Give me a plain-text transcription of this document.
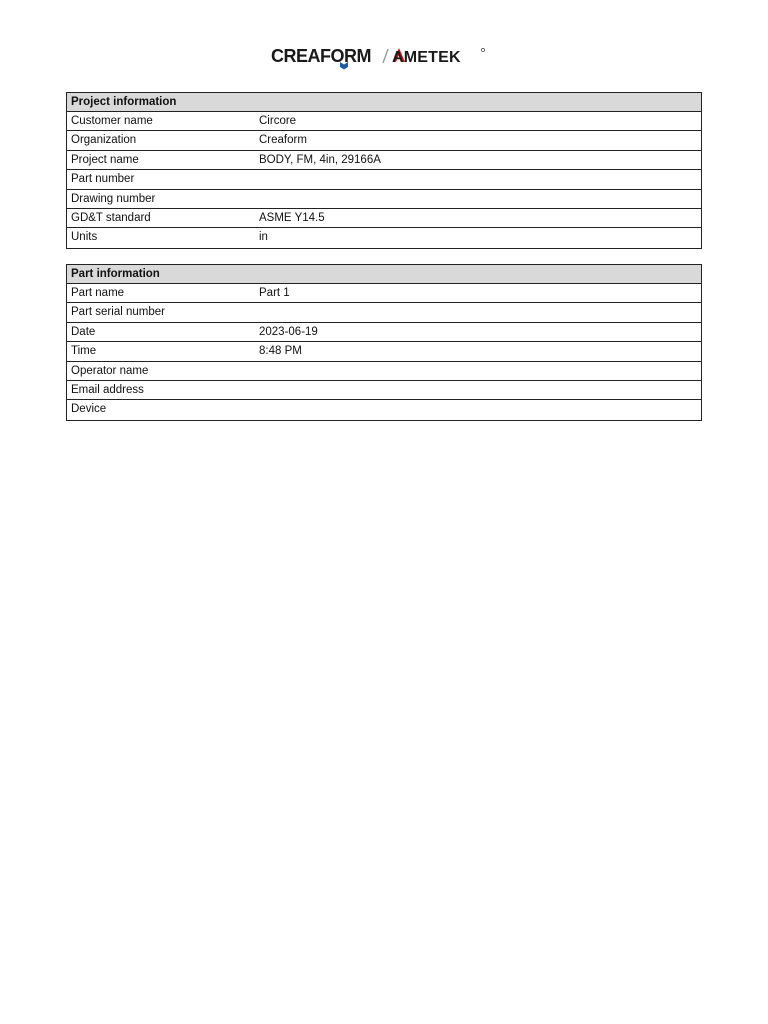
CREAFORM AMETEK
Project information
Customer name	Circore
Organization	Creaform
Project name	BODY, FM, 4in, 29166A
Part number
Drawing number
GD&T standard	ASME Y14.5
Units	in
Part information
Part name	Part 1
Part serial number
Date	2023-06-19
Time	8:48 PM
Operator name
Email address
Device
